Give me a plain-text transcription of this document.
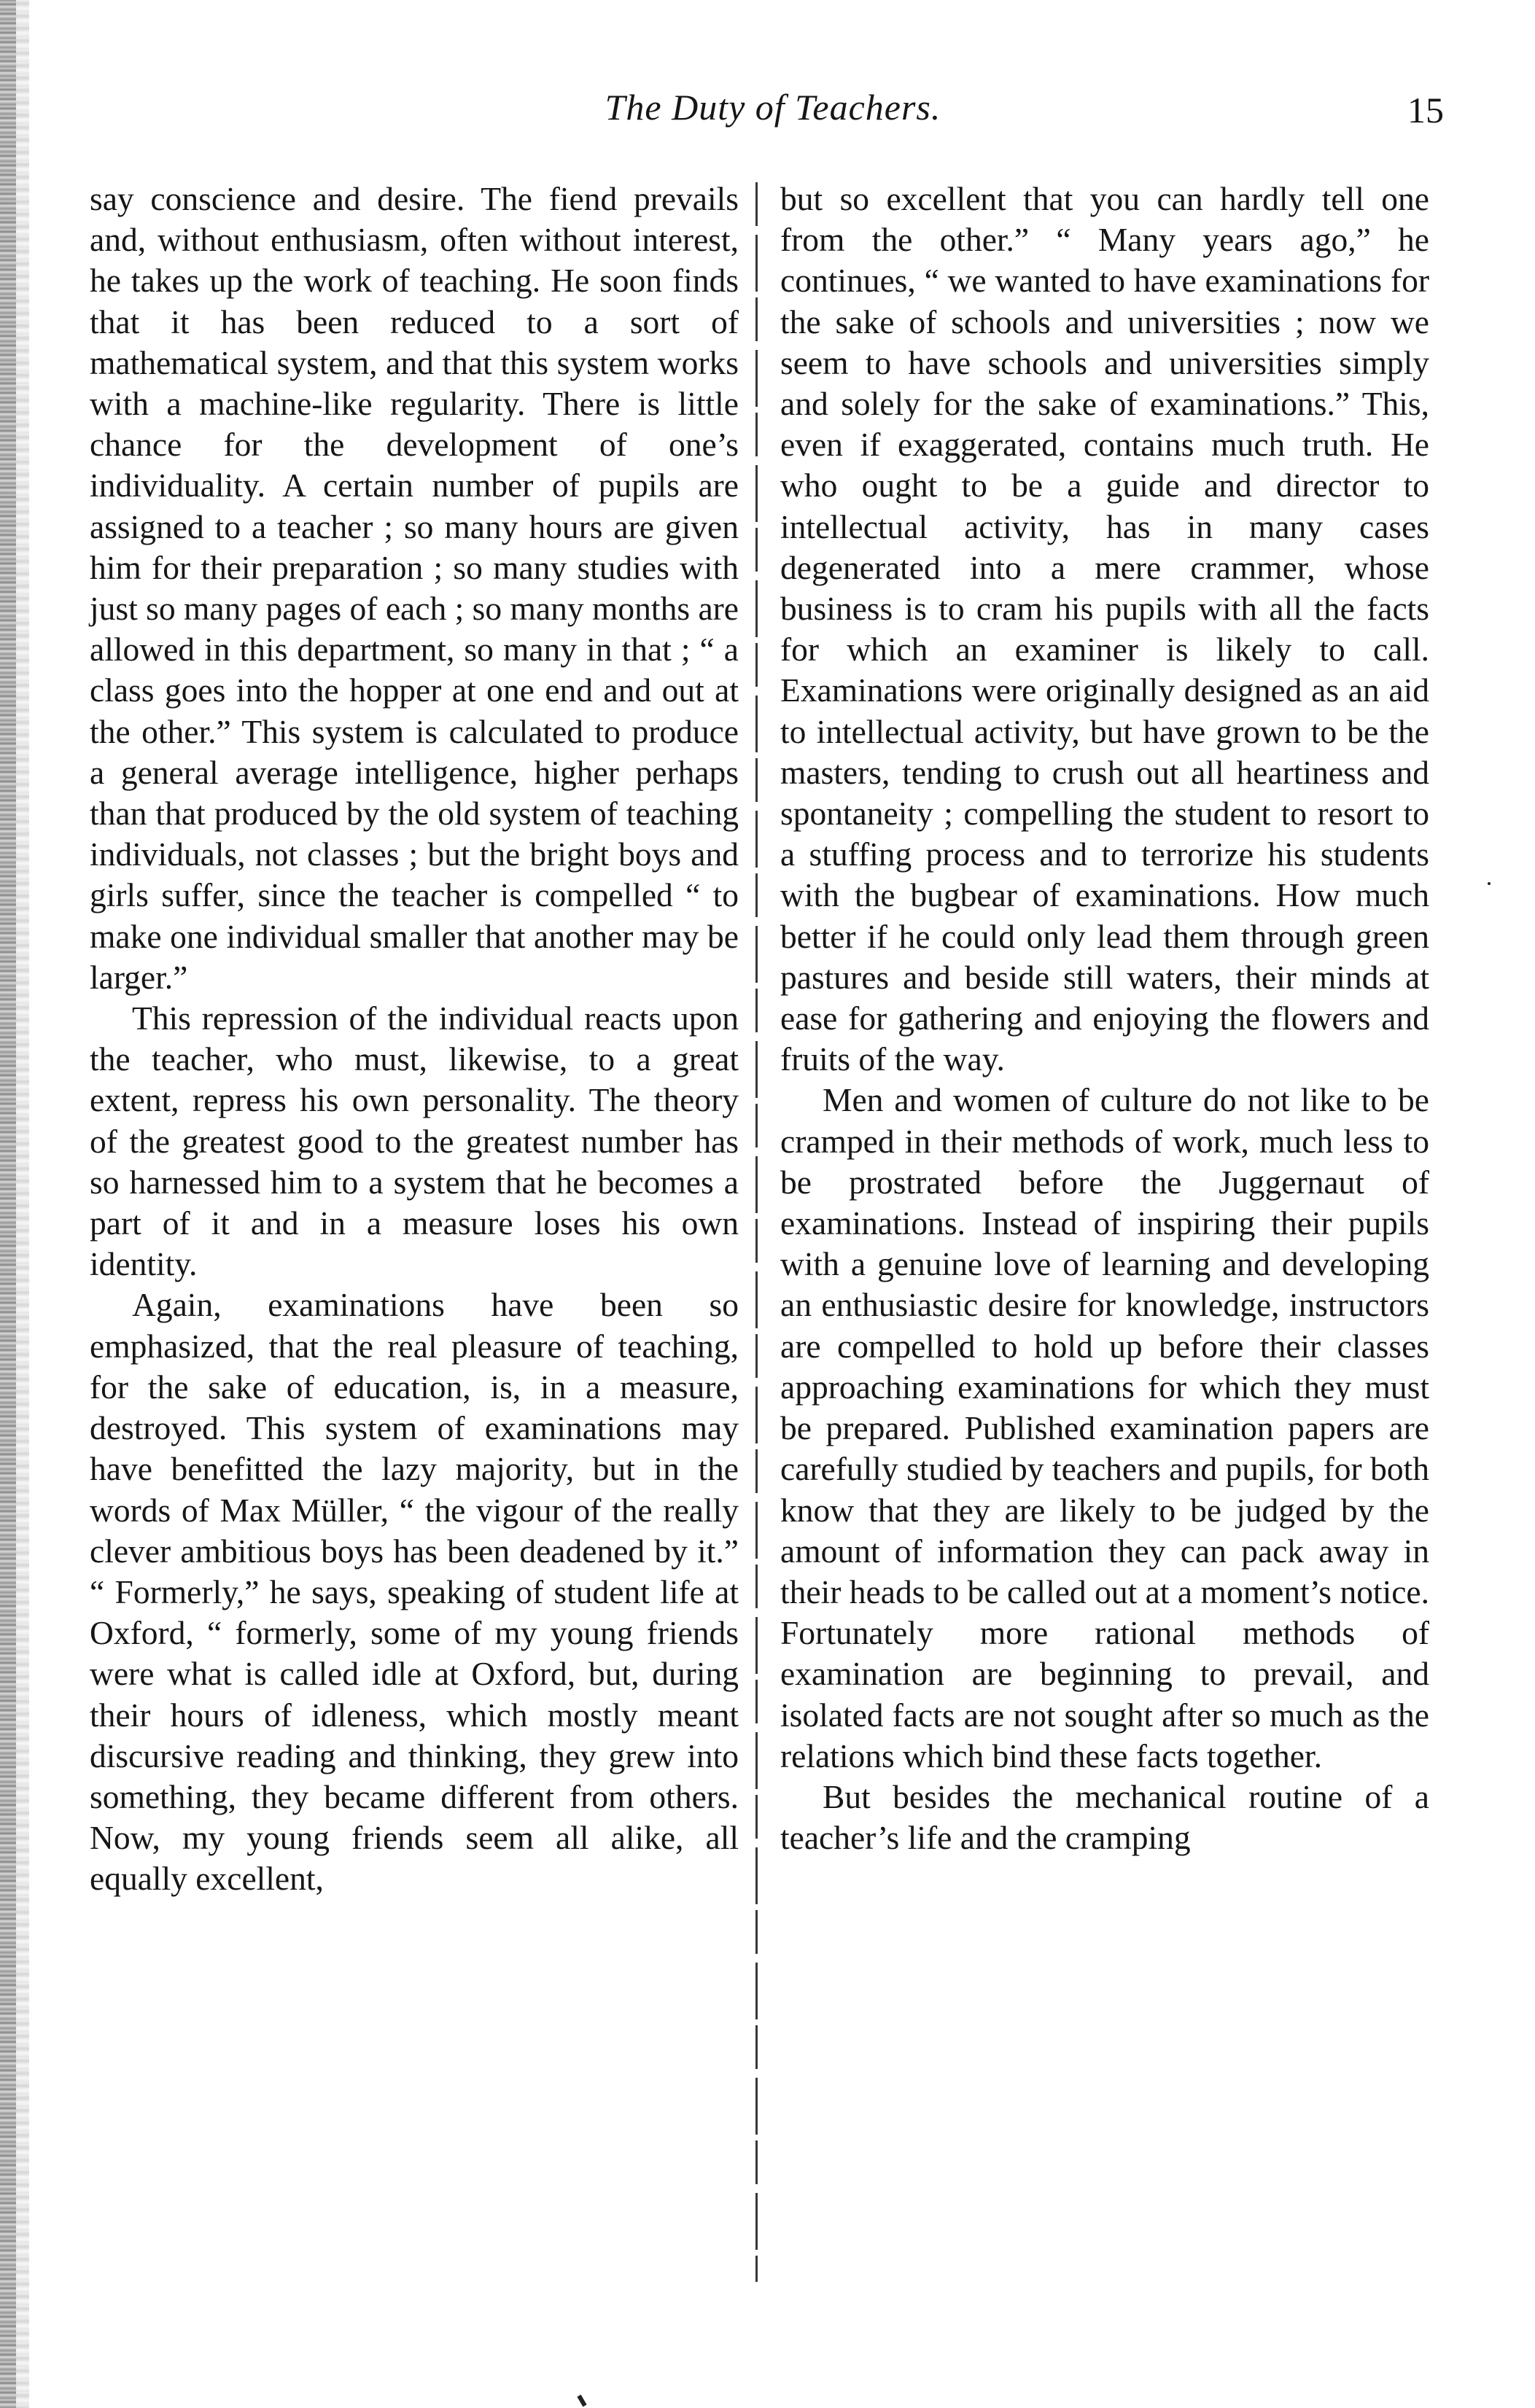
The Duty of Teachers.	15

say conscience and desire. The fiend prevails and, without enthusiasm, often without interest, he takes up the work of teaching. He soon finds that it has been reduced to a sort of mathematical system, and that this system works with a machine-like regularity. There is little chance for the development of one’s individuality. A certain number of pupils are assigned to a teacher ; so many hours are given him for their preparation ; so many studies with just so many pages of each ; so many months are allowed in this department, so many in that ; “ a class goes into the hopper at one end and out at the other.” This system is calculated to produce a general average intelligence, higher perhaps than that produced by the old system of teaching individuals, not classes ; but the bright boys and girls suffer, since the teacher is compelled “ to make one individual smaller that another may be larger.”

This repression of the individual reacts upon the teacher, who must, likewise, to a great extent, repress his own personality. The theory of the greatest good to the greatest number has so harnessed him to a system that he becomes a part of it and in a measure loses his own identity.

Again, examinations have been so emphasized, that the real pleasure of teaching, for the sake of education, is, in a measure, destroyed. This system of examinations may have benefitted the lazy majority, but in the words of Max Müller, “ the vigour of the really clever ambitious boys has been deadened by it.” “ Formerly,” he says, speaking of student life at Oxford, “ formerly, some of my young friends were what is called idle at Oxford, but, during their hours of idleness, which mostly meant discursive reading and thinking, they grew into something, they became different from others. Now, my young friends seem all alike, all equally excellent,

but so excellent that you can hardly tell one from the other.” “ Many years ago,” he continues, “ we wanted to have examinations for the sake of schools and universities ; now we seem to have schools and universities simply and solely for the sake of examinations.” This, even if exaggerated, contains much truth. He who ought to be a guide and director to intellectual activity, has in many cases degenerated into a mere crammer, whose business is to cram his pupils with all the facts for which an examiner is likely to call. Examinations were originally designed as an aid to intellectual activity, but have grown to be the masters, tending to crush out all heartiness and spontaneity ; compelling the student to resort to a stuffing process and to terrorize his students with the bugbear of examinations. How much better if he could only lead them through green pastures and beside still waters, their minds at ease for gathering and enjoying the flowers and fruits of the way.

Men and women of culture do not like to be cramped in their methods of work, much less to be prostrated before the Juggernaut of examinations. Instead of inspiring their pupils with a genuine love of learning and developing an enthusiastic desire for knowledge, instructors are compelled to hold up before their classes approaching examinations for which they must be prepared. Published examination papers are carefully studied by teachers and pupils, for both know that they are likely to be judged by the amount of information they can pack away in their heads to be called out at a moment’s notice. Fortunately more rational methods of examination are beginning to prevail, and isolated facts are not sought after so much as the relations which bind these facts together.

But besides the mechanical routine of a teacher’s life and the cramping
